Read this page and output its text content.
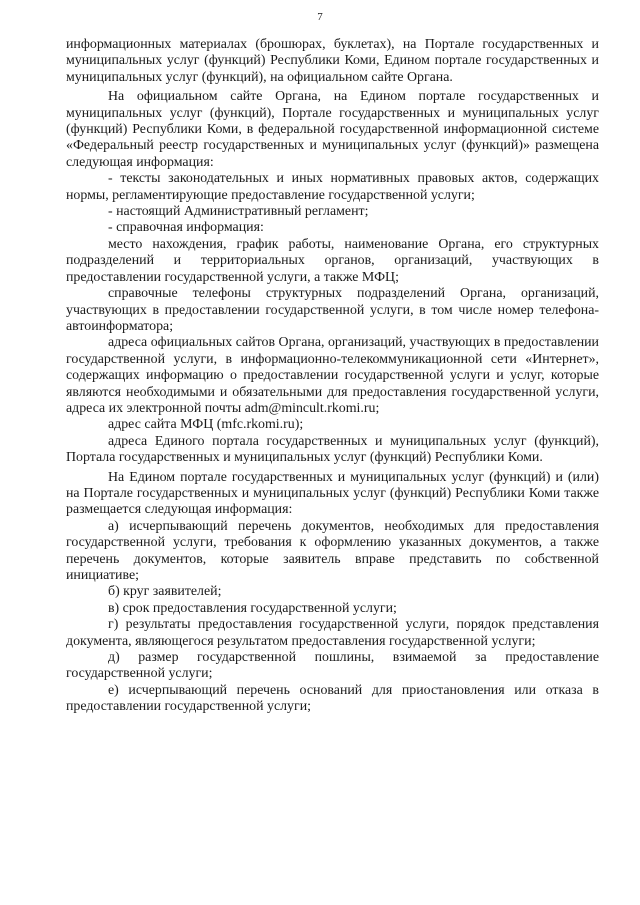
7

информационных материалах (брошюрах, буклетах), на Портале государственных и муниципальных услуг (функций) Республики Коми, Едином портале государственных и муниципальных услуг (функций), на официальном сайте Органа.

На официальном сайте Органа, на Едином портале государственных и муниципальных услуг (функций), Портале государственных и муниципальных услуг (функций) Республики Коми, в федеральной государственной информационной системе «Федеральный реестр государственных и муниципальных услуг (функций)» размещена следующая информация:

- тексты законодательных и иных нормативных правовых актов, содержащих нормы, регламентирующие предоставление государственной услуги;

- настоящий Административный регламент;

- справочная информация:

место нахождения, график работы, наименование Органа, его структурных подразделений и территориальных органов, организаций, участвующих в предоставлении государственной услуги, а также МФЦ;

справочные телефоны структурных подразделений Органа, организаций, участвующих в предоставлении государственной услуги, в том числе номер телефона-автоинформатора;

адреса официальных сайтов Органа, организаций, участвующих в предоставлении государственной услуги, в информационно-телекоммуникационной сети «Интернет», содержащих информацию о предоставлении государственной услуги и услуг, которые являются необходимыми и обязательными для предоставления государственной услуги, адреса их электронной почты adm@mincult.rkomi.ru;

адрес сайта МФЦ (mfc.rkomi.ru);

адреса Единого портала государственных и муниципальных услуг (функций), Портала государственных и муниципальных услуг (функций) Республики Коми.

На Едином портале государственных и муниципальных услуг (функций) и (или) на Портале государственных и муниципальных услуг (функций) Республики Коми также размещается следующая информация:

а) исчерпывающий перечень документов, необходимых для предоставления государственной услуги, требования к оформлению указанных документов, а также перечень документов, которые заявитель вправе представить по собственной инициативе;

б) круг заявителей;

в) срок предоставления государственной услуги;

г) результаты предоставления государственной услуги, порядок представления документа, являющегося результатом предоставления государственной услуги;

д) размер государственной пошлины, взимаемой за предоставление государственной услуги;

е) исчерпывающий перечень оснований для приостановления или отказа в предоставлении государственной услуги;
